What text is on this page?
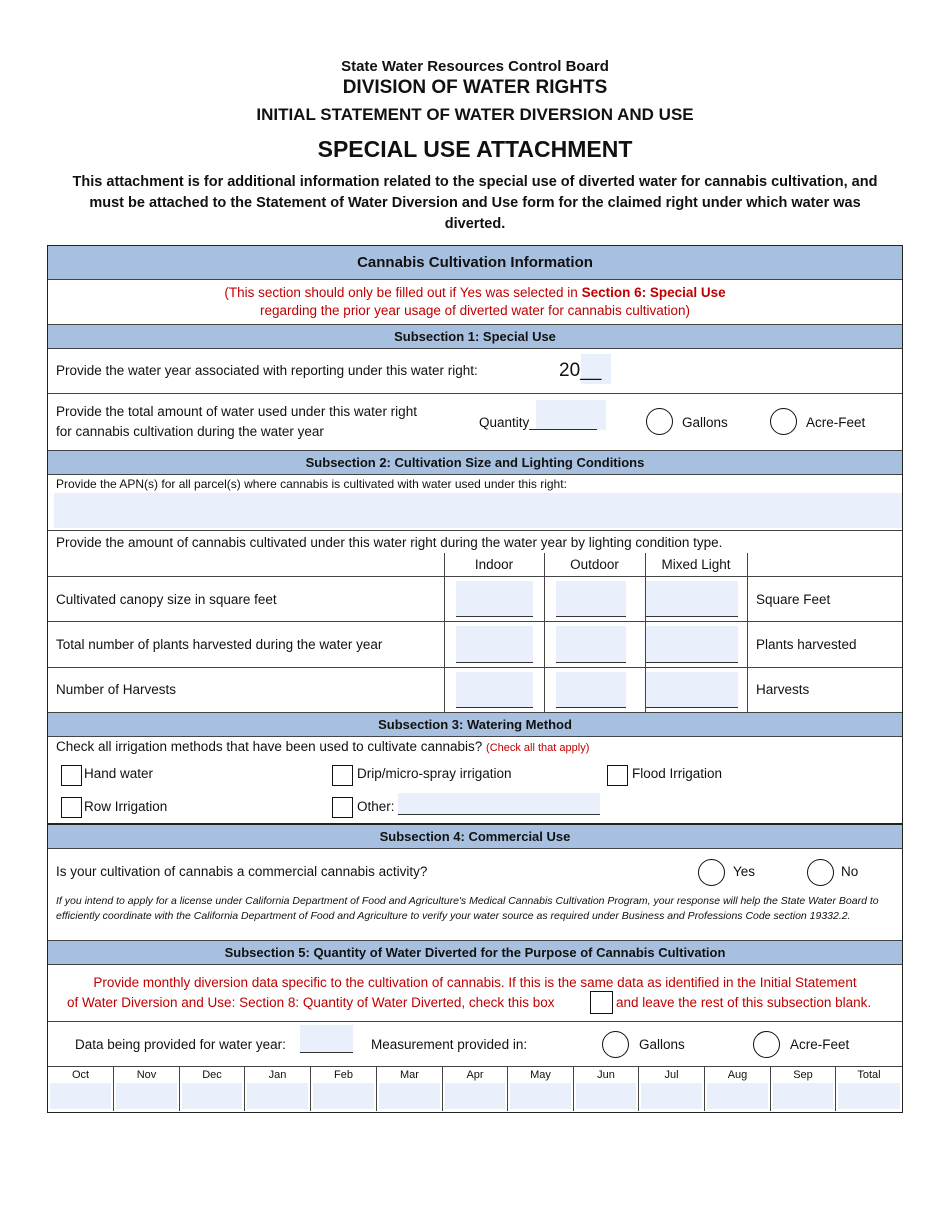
State Water Resources Control Board
DIVISION OF WATER RIGHTS
INITIAL STATEMENT OF WATER DIVERSION AND USE
SPECIAL USE ATTACHMENT
This attachment is for additional information related to the special use of diverted water for cannabis cultivation, and must be attached to the Statement of Water Diversion and Use form for the claimed right under which water was diverted.
Cannabis Cultivation Information
(This section should only be filled out if Yes was selected in Section 6: Special Use
regarding the prior year usage of diverted water for cannabis cultivation)
Subsection 1: Special Use
Provide the water year associated with reporting under this water right:	20__
Provide the total amount of water used under this water right
for cannabis cultivation during the water year
Quantity_________	Gallons	Acre-Feet
Subsection 2: Cultivation Size and Lighting Conditions
Provide the APN(s) for all parcel(s) where cannabis is cultivated with water used under this right:
Provide the amount of cannabis cultivated under this water right during the water year by lighting condition type.
Indoor	Outdoor	Mixed Light
Cultivated canopy size in square feet	Square Feet
Total number of plants harvested during the water year	Plants harvested
Number of Harvests	Harvests
Subsection 3: Watering Method
Check all irrigation methods that have been used to cultivate cannabis? (Check all that apply)
Hand water	Drip/micro-spray irrigation	Flood Irrigation
Row Irrigation	Other:
Subsection 4: Commercial Use
Is your cultivation of cannabis a commercial cannabis activity?	Yes	No
If you intend to apply for a license under California Department of Food and Agriculture's Medical Cannabis Cultivation Program, your response will help the State Water Board to efficiently coordinate with the California Department of Food and Agriculture to verify your water source as required under Business and Professions Code section 19332.2.
Subsection 5: Quantity of Water Diverted for the Purpose of Cannabis Cultivation
Provide monthly diversion data specific to the cultivation of cannabis. If this is the same data as identified in the Initial Statement
of Water Diversion and Use: Section 8: Quantity of Water Diverted, check this box	and leave the rest of this subsection blank.
Data being provided for water year:	Measurement provided in:	Gallons	Acre-Feet
Oct	Nov	Dec	Jan	Feb	Mar	Apr	May	Jun	Jul	Aug	Sep	Total
